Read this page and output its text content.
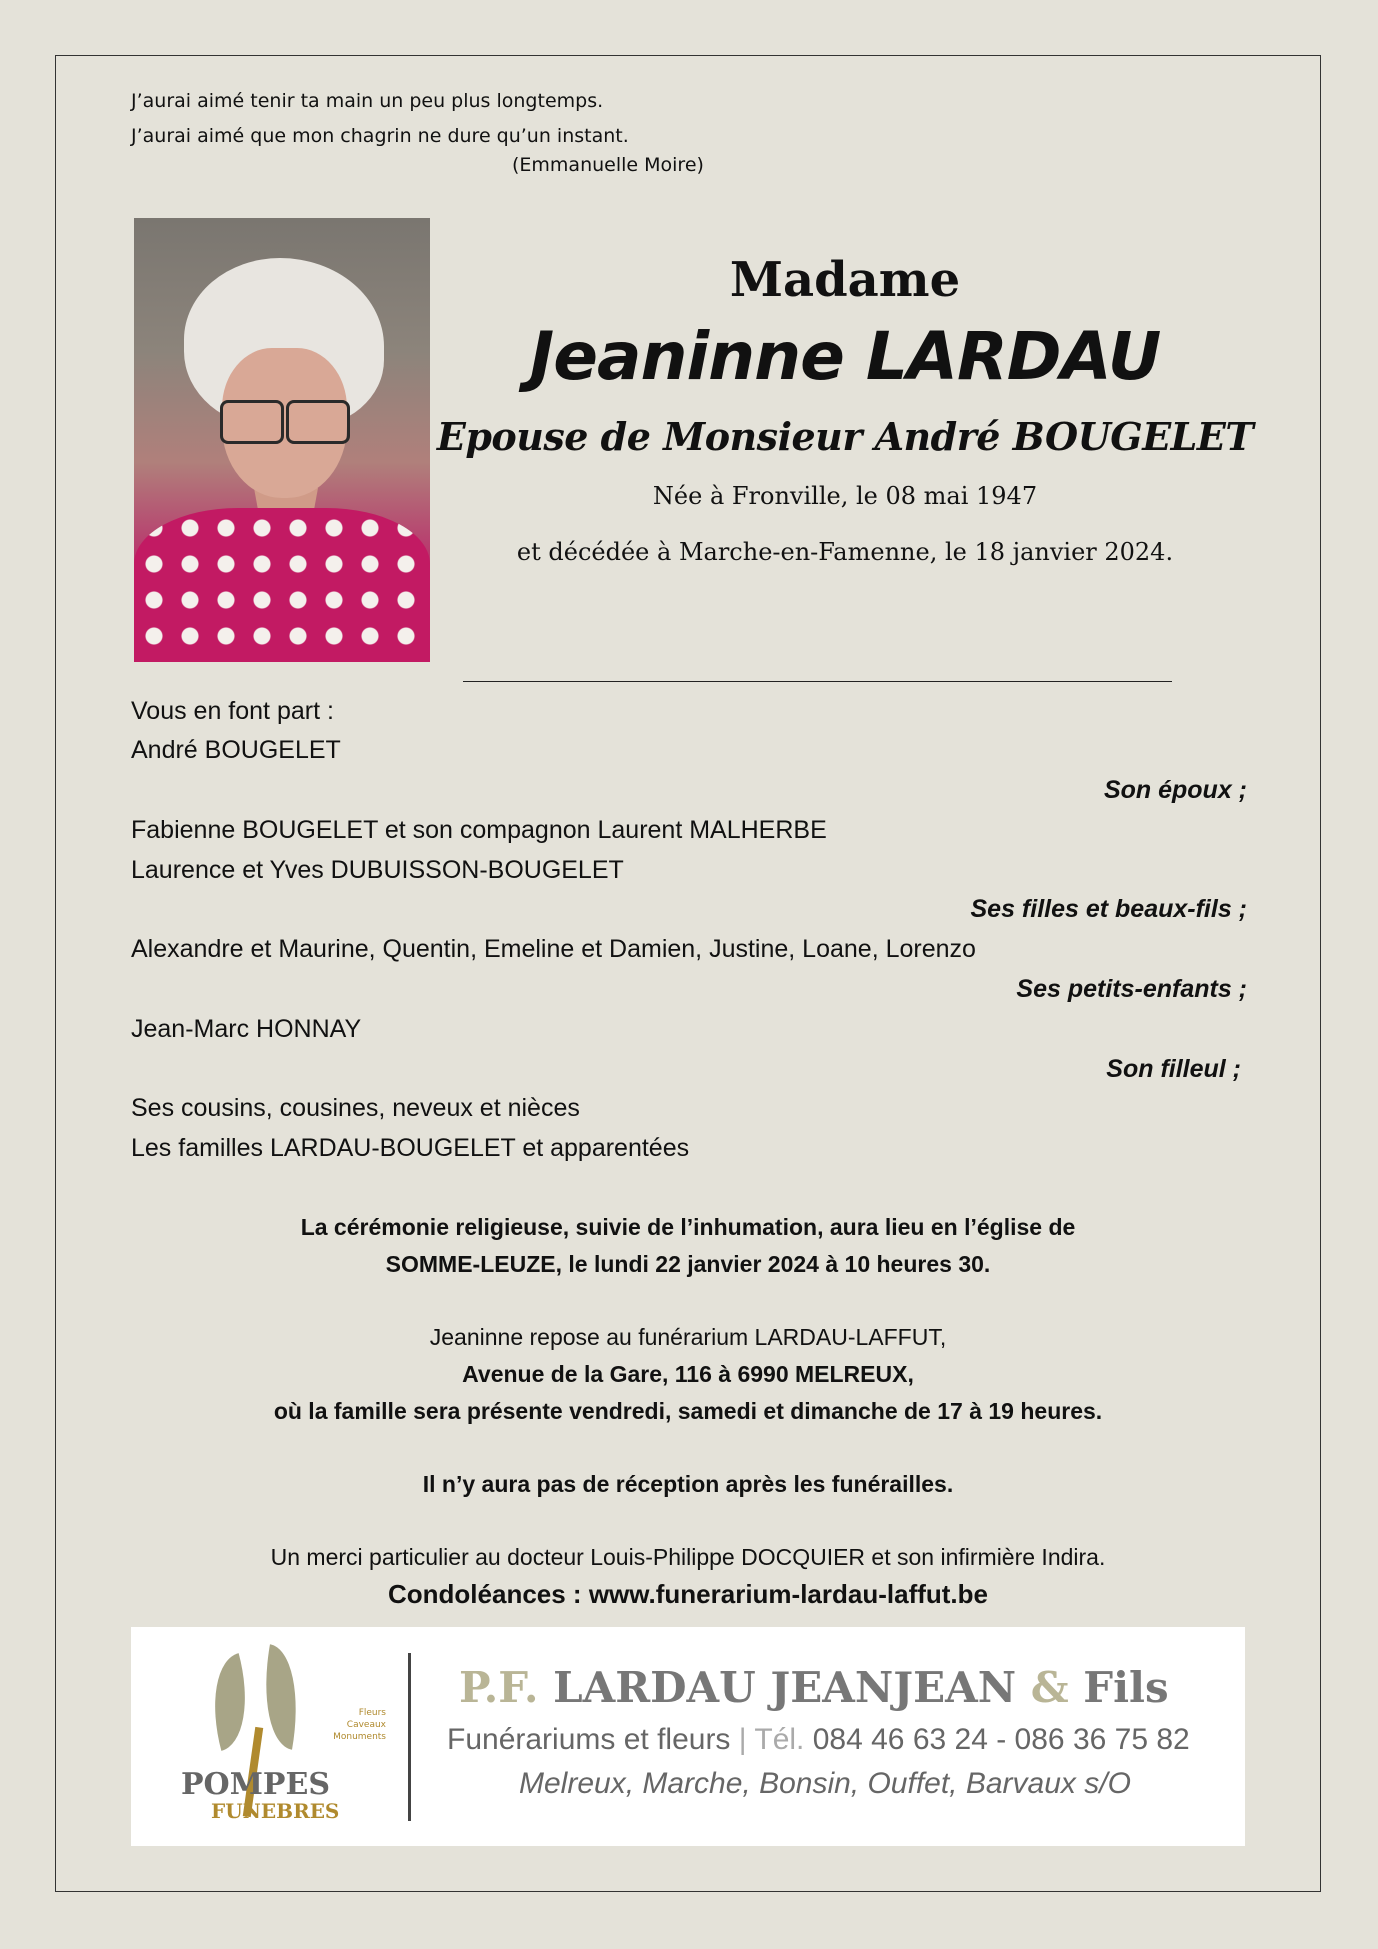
J’aurai aimé tenir ta main un peu plus longtemps.
J’aurai aimé que mon chagrin ne dure qu’un instant.
(Emmanuelle Moire)
Madame
Jeaninne LARDAU
Epouse de Monsieur André BOUGELET
Née à Fronville, le 08 mai 1947
et décédée à Marche-en-Famenne, le 18 janvier 2024.
Vous en font part :
André BOUGELET
Son époux ;
Fabienne BOUGELET et son compagnon Laurent MALHERBE
Laurence et Yves DUBUISSON-BOUGELET
Ses filles et beaux-fils ;
Alexandre et Maurine, Quentin, Emeline et Damien, Justine, Loane, Lorenzo
Ses petits-enfants ;
Jean-Marc HONNAY
Son filleul ;
Ses cousins, cousines, neveux et nièces
Les familles LARDAU-BOUGELET et apparentées
La cérémonie religieuse, suivie de l’inhumation, aura lieu en l’église de
SOMME-LEUZE, le lundi 22 janvier 2024 à 10 heures 30.
Jeaninne repose au funérarium LARDAU-LAFFUT,
Avenue de la Gare, 116 à 6990 MELREUX,
où la famille sera présente vendredi, samedi et dimanche de 17 à 19 heures.
Il n’y aura pas de réception après les funérailles.
Un merci particulier au docteur Louis-Philippe DOCQUIER et son infirmière Indira.
Condoléances : www.funerarium-lardau-laffut.be
Fleurs
Caveaux
Monuments
POMPES
FUNEBRES
P.F. LARDAU JEANJEAN & Fils
Funérariums et fleurs | Tél. 084 46 63 24 - 086 36 75 82
Melreux, Marche, Bonsin, Ouffet, Barvaux s/O
